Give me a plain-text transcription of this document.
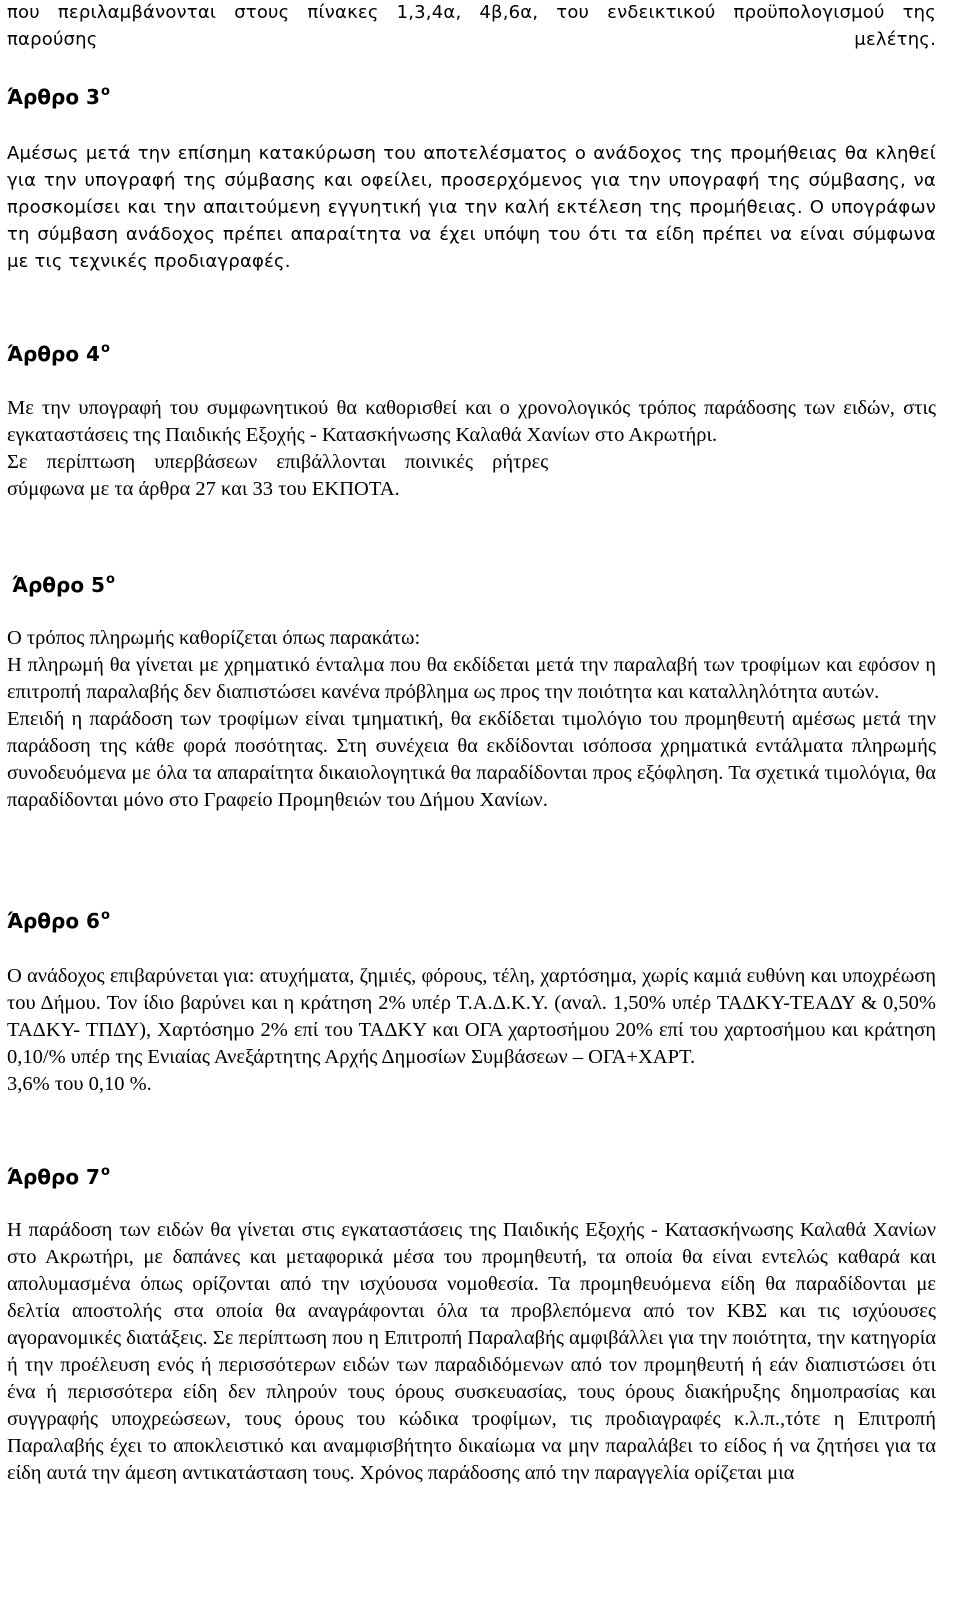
που περιλαμβάνονται στους πίνακες 1,3,4α, 4β,6α, του ενδεικτικού προϋπολογισμού της παρούσης μελέτης.

Άρθρο $3^o$

Αμέσως μετά την επίσημη κατακύρωση του αποτελέσματος ο ανάδοχος της προμήθειας θα κληθεί για την υπογραφή της σύμβασης και οφείλει, προσερχόμενος για την υπογραφή της σύμβασης, να προσκομίσει και την απαιτούμενη εγγυητική για την καλή εκτέλεση της προμήθειας. Ο υπογράφων τη σύμβαση ανάδοχος πρέπει απαραίτητα να έχει υπόψη του ότι τα είδη πρέπει να είναι σύμφωνα με τις τεχνικές προδιαγραφές.

Άρθρο $4^o$

Με την υπογραφή του συμφωνητικού θα καθορισθεί και ο χρονολογικός τρόπος παράδοσης των ειδών, στις εγκαταστάσεις της Παιδικής Εξοχής - Κατασκήνωσης Καλαθά Χανίων στο Ακρωτήρι.

Σε περίπτωση υπερβάσεων επιβάλλονται ποινικές ρήτρες

σύμφωνα με τα άρθρα 27 και 33 του ΕΚΠΟΤΑ.

Άρθρο $5^o$

Ο τρόπος πληρωμής καθορίζεται όπως παρακάτω:

Η πληρωμή θα γίνεται με χρηματικό ένταλμα που θα εκδίδεται μετά την παραλαβή των τροφίμων και εφόσον η επιτροπή παραλαβής δεν διαπιστώσει κανένα πρόβλημα ως προς την ποιότητα και καταλληλότητα αυτών.

Επειδή η παράδοση των τροφίμων είναι τμηματική, θα εκδίδεται τιμολόγιο του προμηθευτή αμέσως μετά την παράδοση της κάθε φορά ποσότητας. Στη συνέχεια θα εκδίδονται ισόποσα χρηματικά εντάλματα πληρωμής συνοδευόμενα με όλα τα απαραίτητα δικαιολογητικά θα παραδίδονται προς εξόφληση. Τα σχετικά τιμολόγια, θα παραδίδονται μόνο στο Γραφείο Προμηθειών του Δήμου Χανίων.

Άρθρο $6^o$

Ο ανάδοχος επιβαρύνεται για: ατυχήματα, ζημιές, φόρους, τέλη, χαρτόσημα, χωρίς καμιά ευθύνη και υποχρέωση του Δήμου. Τον ίδιο βαρύνει και η κράτηση 2% υπέρ Τ.Α.Δ.Κ.Υ. (αναλ. 1,50% υπέρ ΤΑΔΚΥ-ΤΕΑΔΥ & 0,50% ΤΑΔΚΥ- ΤΠΔΥ), Χαρτόσημο 2% επί του ΤΑΔΚΥ και ΟΓΑ χαρτοσήμου 20% επί του χαρτοσήμου και κράτηση 0,10/% υπέρ της Ενιαίας Ανεξάρτητης Αρχής Δημοσίων Συμβάσεων – ΟΓΑ+ΧΑΡΤ.

3,6% του 0,10 %.

Άρθρο $7^o$

Η παράδοση των ειδών θα γίνεται στις εγκαταστάσεις της Παιδικής Εξοχής - Κατασκήνωσης Καλαθά Χανίων στο Ακρωτήρι, με δαπάνες και μεταφορικά μέσα του προμηθευτή, τα οποία θα είναι εντελώς καθαρά και απολυμασμένα όπως ορίζονται από την ισχύουσα νομοθεσία. Τα προμηθευόμενα είδη θα παραδίδονται με δελτία αποστολής στα οποία θα αναγράφονται όλα τα προβλεπόμενα από τον ΚΒΣ και τις ισχύουσες αγορανομικές διατάξεις. Σε περίπτωση που η Επιτροπή Παραλαβής αμφιβάλλει για την ποιότητα, την κατηγορία ή την προέλευση ενός ή περισσότερων ειδών των παραδιδόμενων από τον προμηθευτή ή εάν διαπιστώσει ότι ένα ή περισσότερα είδη δεν πληρούν τους όρους συσκευασίας, τους όρους διακήρυξης δημοπρασίας και συγγραφής υποχρεώσεων, τους όρους του κώδικα τροφίμων, τις προδιαγραφές κ.λ.π.,τότε η Επιτροπή Παραλαβής έχει το αποκλειστικό και αναμφισβήτητο δικαίωμα να μην παραλάβει το είδος ή να ζητήσει για τα είδη αυτά την άμεση αντικατάσταση τους. Χρόνος παράδοσης από την παραγγελία ορίζεται μια
